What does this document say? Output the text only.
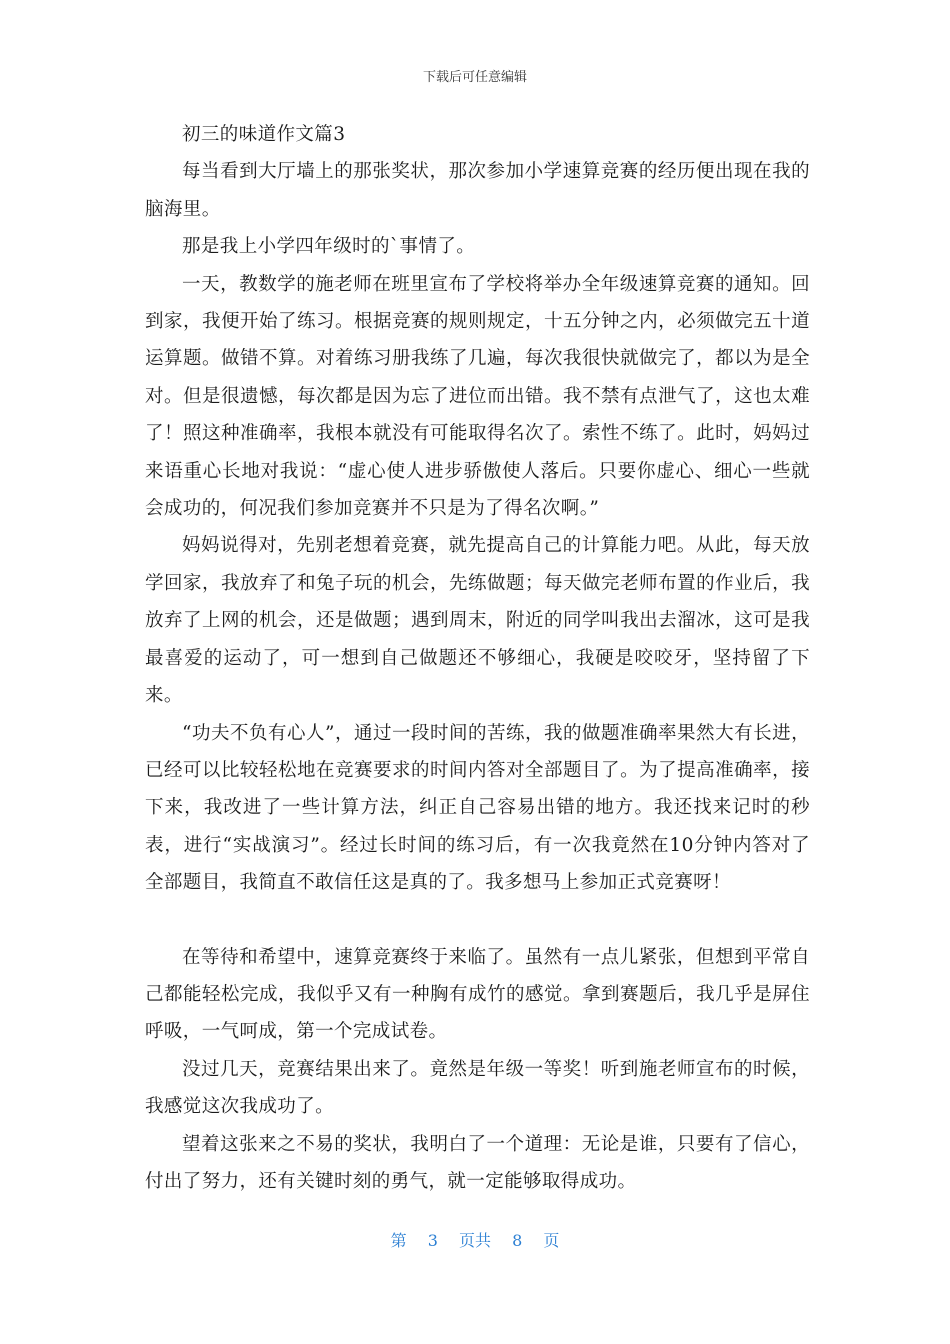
下载后可任意编辑

初三的味道作文篇3

每当看到大厅墙上的那张奖状，那次参加小学速算竞赛的经历便出现在我的脑海里。

那是我上小学四年级时的`事情了。

一天，教数学的施老师在班里宣布了学校将举办全年级速算竞赛的通知。回到家，我便开始了练习。根据竞赛的规则规定，十五分钟之内，必须做完五十道运算题。做错不算。对着练习册我练了几遍，每次我很快就做完了，都以为是全对。但是很遗憾，每次都是因为忘了进位而出错。我不禁有点泄气了，这也太难了！照这种准确率，我根本就没有可能取得名次了。索性不练了。此时，妈妈过来语重心长地对我说：“虚心使人进步骄傲使人落后。只要你虚心、细心一些就会成功的，何况我们参加竞赛并不只是为了得名次啊。”

妈妈说得对，先别老想着竞赛，就先提高自己的计算能力吧。从此，每天放学回家，我放弃了和兔子玩的机会，先练做题；每天做完老师布置的作业后，我放弃了上网的机会，还是做题；遇到周末，附近的同学叫我出去溜冰，这可是我最喜爱的运动了，可一想到自己做题还不够细心，我硬是咬咬牙，坚持留了下来。

“功夫不负有心人”，通过一段时间的苦练，我的做题准确率果然大有长进，已经可以比较轻松地在竞赛要求的时间内答对全部题目了。为了提高准确率，接下来，我改进了一些计算方法，纠正自己容易出错的地方。我还找来记时的秒表，进行“实战演习”。经过长时间的练习后，有一次我竟然在10分钟内答对了全部题目，我简直不敢信任这是真的了。我多想马上参加正式竞赛呀！

在等待和希望中，速算竞赛终于来临了。虽然有一点儿紧张，但想到平常自己都能轻松完成，我似乎又有一种胸有成竹的感觉。拿到赛题后，我几乎是屏住呼吸，一气呵成，第一个完成试卷。

没过几天，竞赛结果出来了。竟然是年级一等奖！听到施老师宣布的时候，我感觉这次我成功了。

望着这张来之不易的奖状，我明白了一个道理：无论是谁，只要有了信心，付出了努力，还有关键时刻的勇气，就一定能够取得成功。

第 3 页共 8 页
